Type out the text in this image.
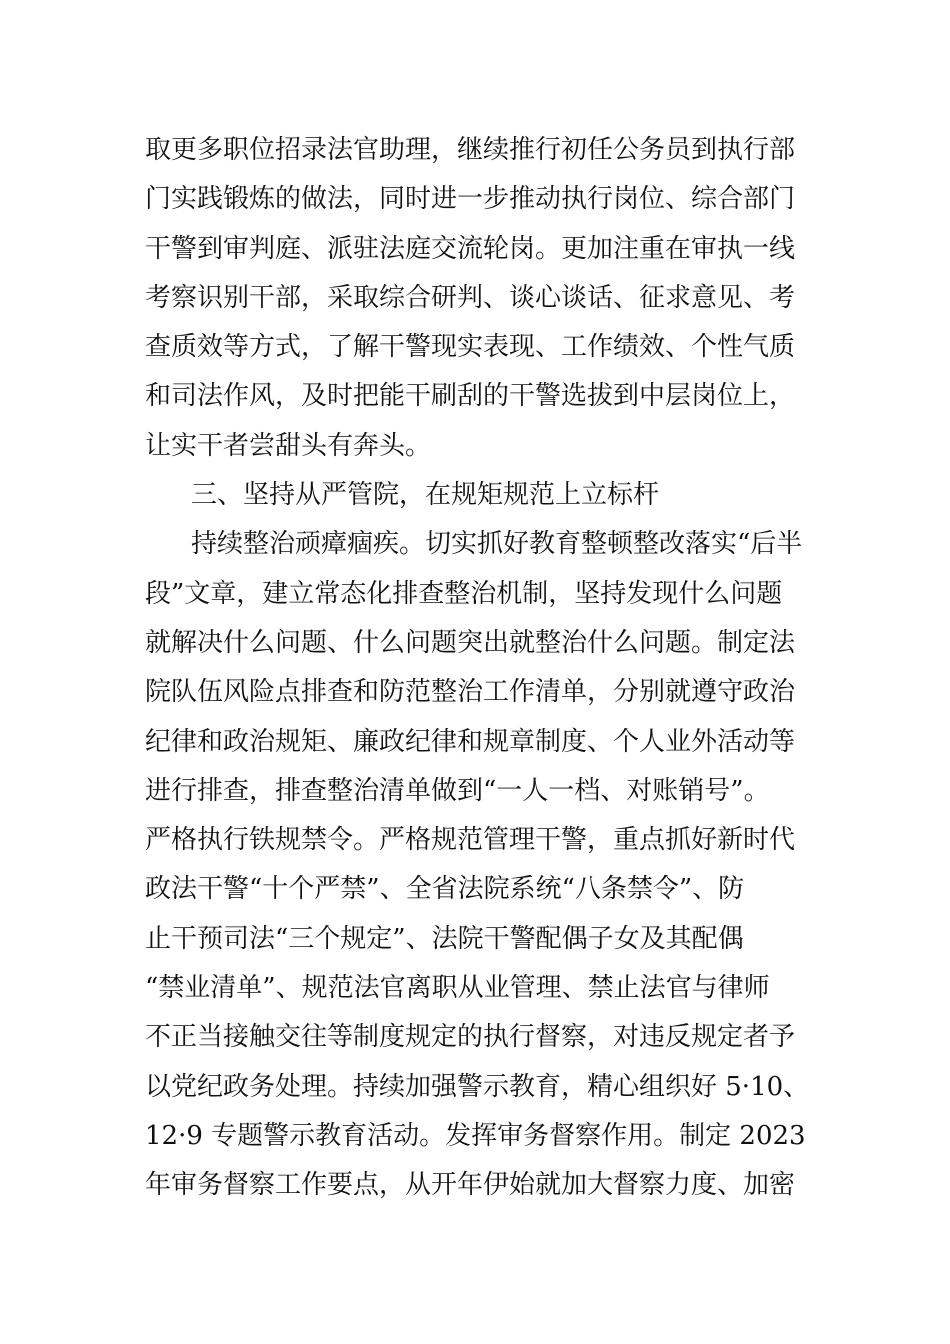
取更多职位招录法官助理，继续推行初任公务员到执行部
门实践锻炼的做法，同时进一步推动执行岗位、综合部门
干警到审判庭、派驻法庭交流轮岗。更加注重在审执一线
考察识别干部，采取综合研判、谈心谈话、征求意见、考
查质效等方式，了解干警现实表现、工作绩效、个性气质
和司法作风，及时把能干刷刮的干警选拔到中层岗位上，
让实干者尝甜头有奔头。
三、坚持从严管院，在规矩规范上立标杆
持续整治顽瘴痼疾。切实抓好教育整顿整改落实“后半
段”文章，建立常态化排查整治机制，坚持发现什么问题
就解决什么问题、什么问题突出就整治什么问题。制定法
院队伍风险点排查和防范整治工作清单，分别就遵守政治
纪律和政治规矩、廉政纪律和规章制度、个人业外活动等
进行排查，排查整治清单做到“一人一档、对账销号”。
严格执行铁规禁令。严格规范管理干警，重点抓好新时代
政法干警“十个严禁”、全省法院系统“八条禁令”、防
止干预司法“三个规定”、法院干警配偶子女及其配偶
“禁业清单”、规范法官离职从业管理、禁止法官与律师
不正当接触交往等制度规定的执行督察，对违反规定者予
以党纪政务处理。持续加强警示教育，精心组织好 5·10、
12·9 专题警示教育活动。发挥审务督察作用。制定 2023
年审务督察工作要点，从开年伊始就加大督察力度、加密
